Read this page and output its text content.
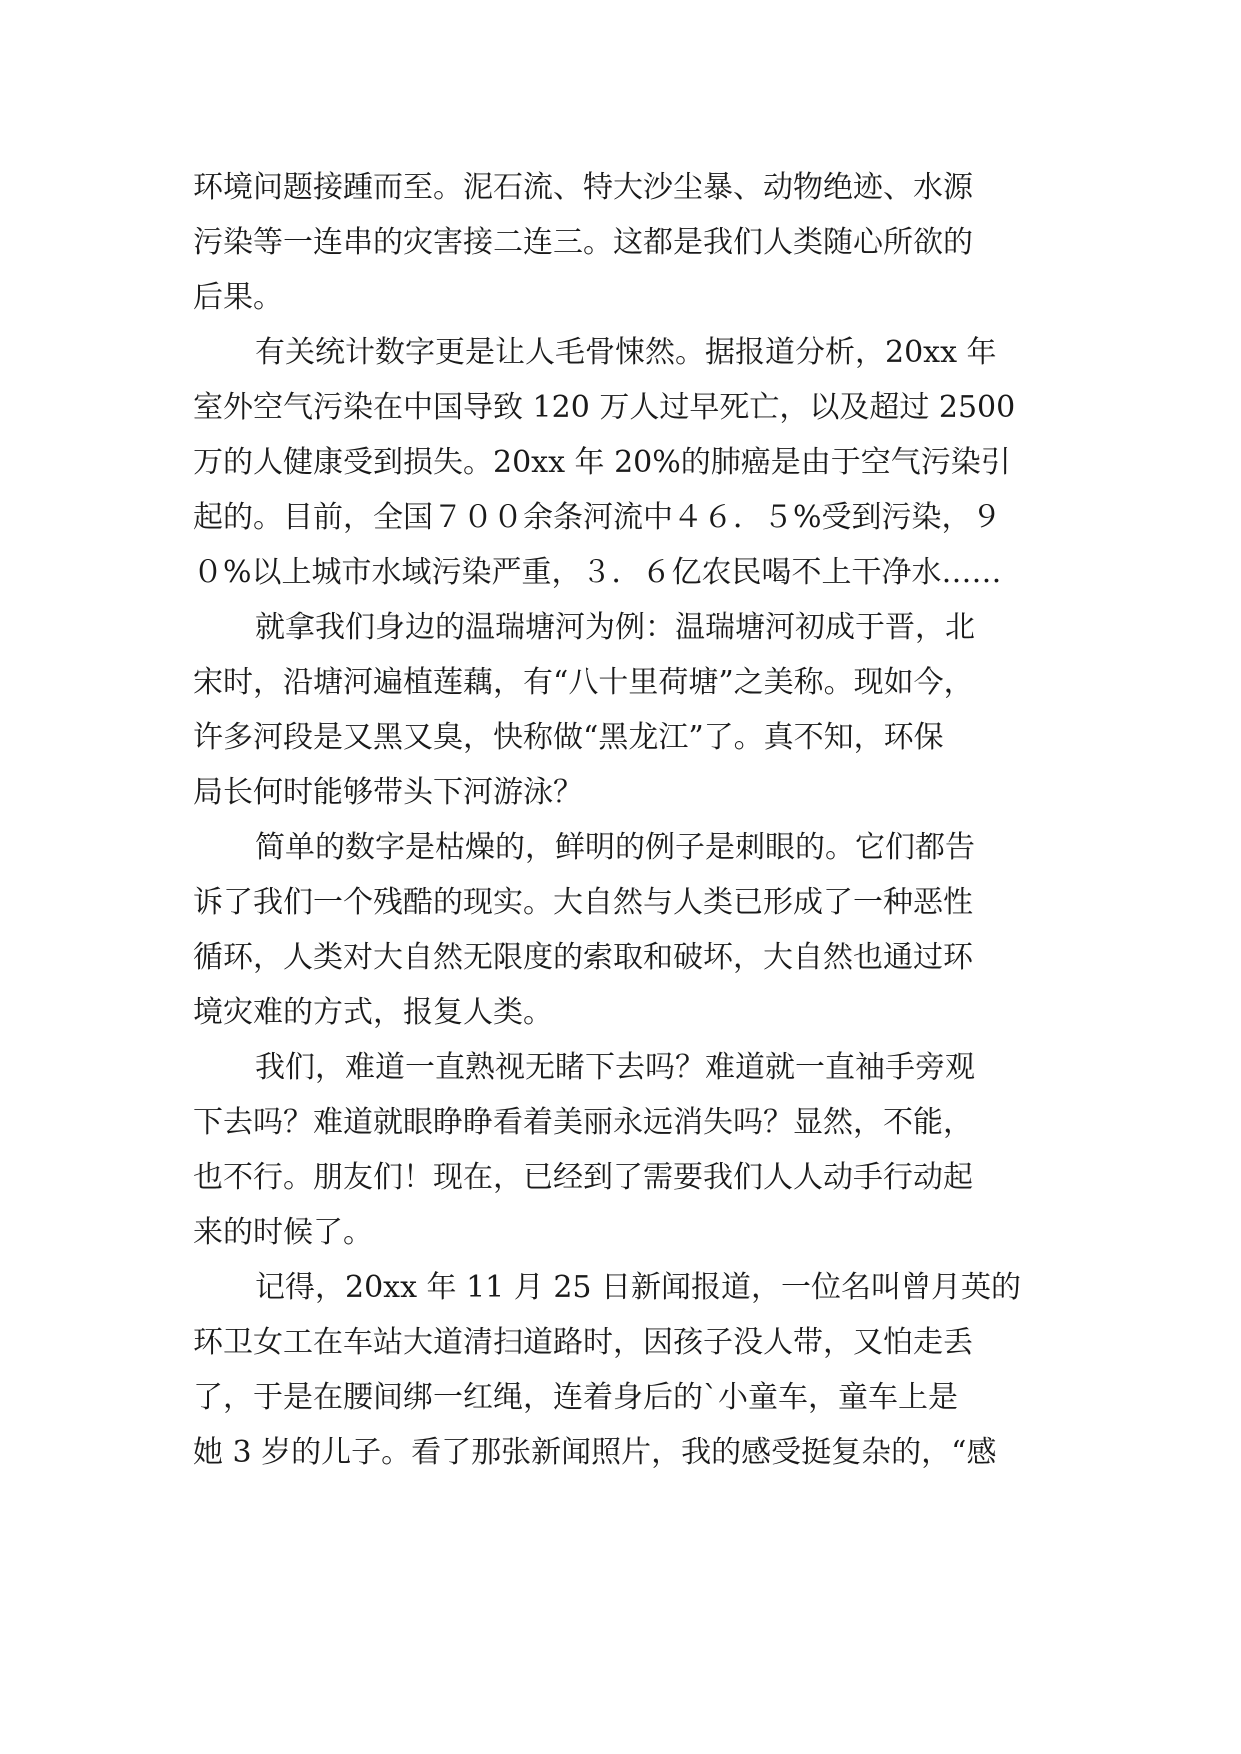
环境问题接踵而至。泥石流、特大沙尘暴、动物绝迹、水源
污染等一连串的灾害接二连三。这都是我们人类随心所欲的
后果。
有关统计数字更是让人毛骨悚然。据报道分析，20xx 年
室外空气污染在中国导致 120 万人过早死亡，以及超过 2500
万的人健康受到损失。20xx 年 20%的肺癌是由于空气污染引
起的。目前，全国７００余条河流中４６．５%受到污染，９
０%以上城市水域污染严重，３．６亿农民喝不上干净水……
就拿我们身边的温瑞塘河为例：温瑞塘河初成于晋，北
宋时，沿塘河遍植莲藕，有“八十里荷塘”之美称。现如今，
许多河段是又黑又臭，快称做“黑龙江”了。真不知，环保
局长何时能够带头下河游泳？
简单的数字是枯燥的，鲜明的例子是刺眼的。它们都告
诉了我们一个残酷的现实。大自然与人类已形成了一种恶性
循环，人类对大自然无限度的索取和破坏，大自然也通过环
境灾难的方式，报复人类。
我们，难道一直熟视无睹下去吗？难道就一直袖手旁观
下去吗？难道就眼睁睁看着美丽永远消失吗？显然，不能，
也不行。朋友们！现在，已经到了需要我们人人动手行动起
来的时候了。
记得，20xx 年 11 月 25 日新闻报道，一位名叫曾月英的
环卫女工在车站大道清扫道路时，因孩子没人带，又怕走丢
了，于是在腰间绑一红绳，连着身后的`小童车，童车上是
她 3 岁的儿子。看了那张新闻照片，我的感受挺复杂的，“感
